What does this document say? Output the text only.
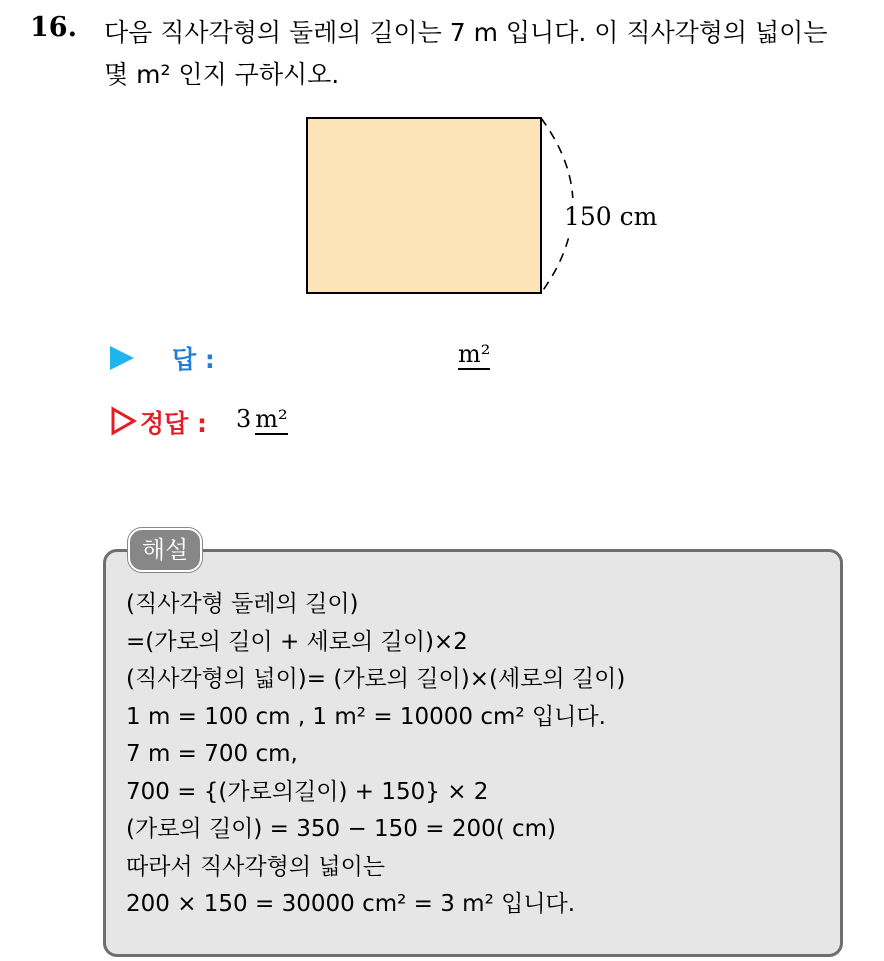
16. 다음 직사각형의 둘레의 길이는 7 m 입니다. 이 직사각형의 넓이는
몇 m² 인지 구하시오.
150 cm
답 :	m²
정답 : 3 m²
해설
(직사각형 둘레의 길이)
=(가로의 길이 + 세로의 길이)×2
(직사각형의 넓이)= (가로의 길이)×(세로의 길이)
1 m = 100 cm , 1 m² = 10000 cm² 입니다.
7 m = 700 cm,
700 = {(가로의길이) + 150} × 2
(가로의 길이) = 350 − 150 = 200( cm)
따라서 직사각형의 넓이는
200 × 150 = 30000 cm² = 3 m² 입니다.
